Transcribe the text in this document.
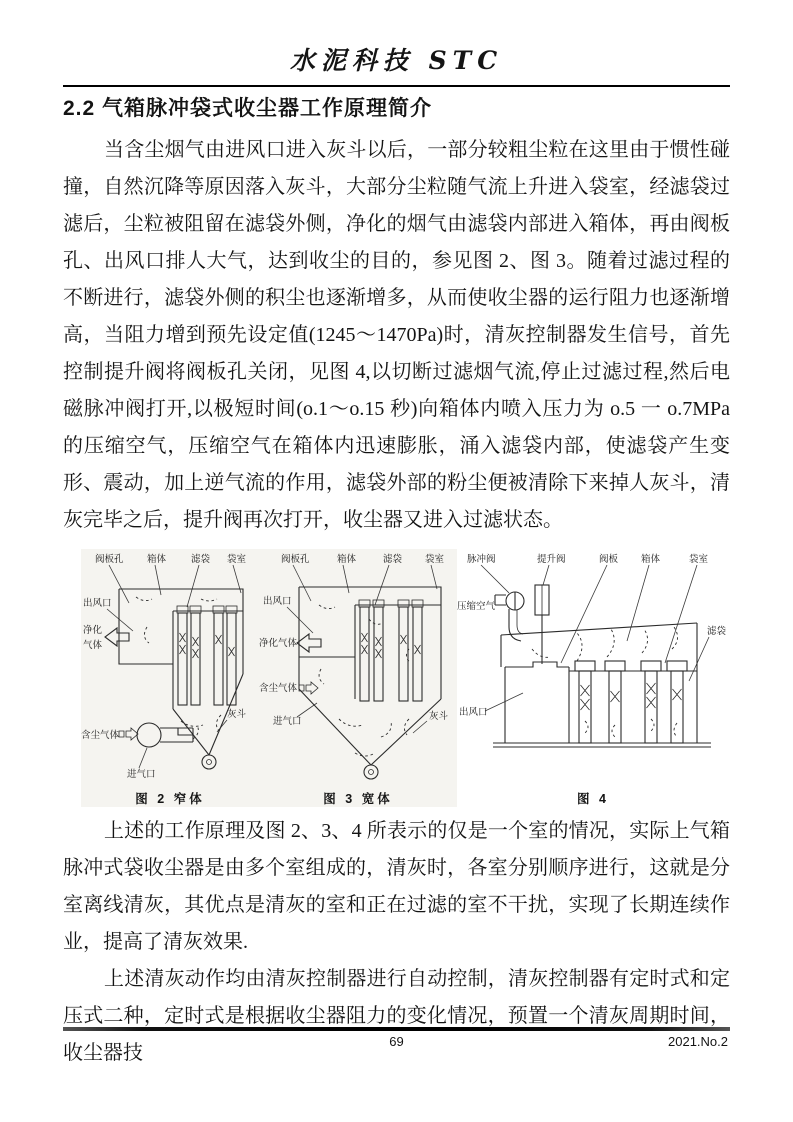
水泥科技 STC
2.2 气箱脉冲袋式收尘器工作原理简介

当含尘烟气由进风口进入灰斗以后，一部分较粗尘粒在这里由于惯性碰撞，自然沉降等原因落入灰斗，大部分尘粒随气流上升进入袋室，经滤袋过滤后，尘粒被阻留在滤袋外侧，净化的烟气由滤袋内部进入箱体，再由阀板孔、出风口排人大气，达到收尘的目的，参见图 2、图 3。随着过滤过程的不断进行，滤袋外侧的积尘也逐渐增多，从而使收尘器的运行阻力也逐渐增高，当阻力增到预先设定值(1245～1470Pa)时，清灰控制器发生信号，首先控制提升阀将阀板孔关闭，见图 4,以切断过滤烟气流,停止过滤过程,然后电磁脉冲阀打开,以极短时间(o.1～o.15 秒)向箱体内喷入压力为 o.5 一 o.7MPa 的压缩空气，压缩空气在箱体内迅速膨胀，涌入滤袋内部，使滤袋产生变形、震动，加上逆气流的作用，滤袋外部的粉尘便被清除下来掉人灰斗，清灰完毕之后，提升阀再次打开，收尘器又进入过滤状态。

阀板孔 箱体	滤袋 袋室
出风口
净化
气体
含尘气体
进气口
灰斗
图 2 窄体
阀板孔	箱体	滤袋 袋室
出风口
净化气体
含尘气体
进气口	灰斗
图 3 宽体
脉冲阀	提升阀	阀板 箱体	袋室
压缩空气
滤袋
出风口
图 4

上述的工作原理及图 2、3、4 所表示的仅是一个室的情况，实际上气箱脉冲式袋收尘器是由多个室组成的，清灰时，各室分别顺序进行，这就是分室离线清灰，其优点是清灰的室和正在过滤的室不干扰，实现了长期连续作业，提高了清灰效果.

上述清灰动作均由清灰控制器进行自动控制，清灰控制器有定时式和定压式二种，定时式是根据收尘器阻力的变化情况，预置一个清灰周期时间，收尘器技

69	2021.No.2
